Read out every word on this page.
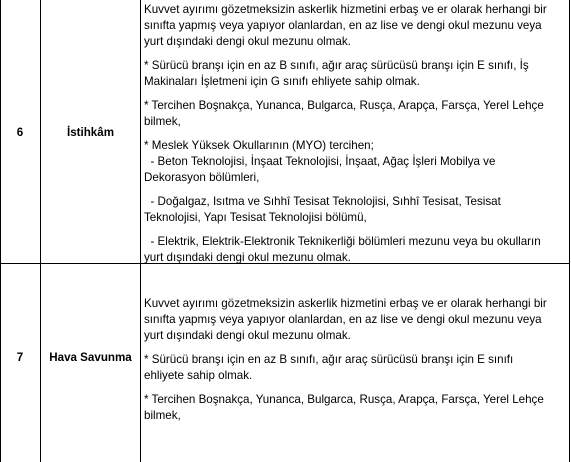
6	İstihkâm

Kuvvet ayırımı gözetmeksizin askerlik hizmetini erbaş ve er olarak herhangi bir
sınıfta yapmış veya yapıyor olanlardan, en az lise ve dengi okul mezunu veya
yurt dışındaki dengi okul mezunu olmak.

* Sürücü branşı için en az B sınıfı, ağır araç sürücüsü branşı için E sınıfı, İş
Makinaları İşletmeni için G sınıfı ehliyete sahip olmak.

* Tercihen Boşnakça, Yunanca, Bulgarca, Rusça, Arapça, Farsça, Yerel Lehçe
bilmek,

* Meslek Yüksek Okullarının (MYO) tercihen;
- Beton Teknolojisi, İnşaat Teknolojisi, İnşaat, Ağaç İşleri Mobilya ve
Dekorasyon bölümleri,

- Doğalgaz, Isıtma ve Sıhhî Tesisat Teknolojisi, Sıhhî Tesisat, Tesisat
Teknolojisi, Yapı Tesisat Teknolojisi bölümü,

- Elektrik, Elektrik-Elektronik Teknikerliği bölümleri mezunu veya bu okulların
yurt dışındaki dengi okul mezunu olmak.

7	Hava Savunma

Kuvvet ayırımı gözetmeksizin askerlik hizmetini erbaş ve er olarak herhangi bir
sınıfta yapmış veya yapıyor olanlardan, en az lise ve dengi okul mezunu veya
yurt dışındaki dengi okul mezunu olmak.

* Sürücü branşı için en az B sınıfı, ağır araç sürücüsü branşı için E sınıfı
ehliyete sahip olmak.

* Tercihen Boşnakça, Yunanca, Bulgarca, Rusça, Arapça, Farsça, Yerel Lehçe
bilmek,
